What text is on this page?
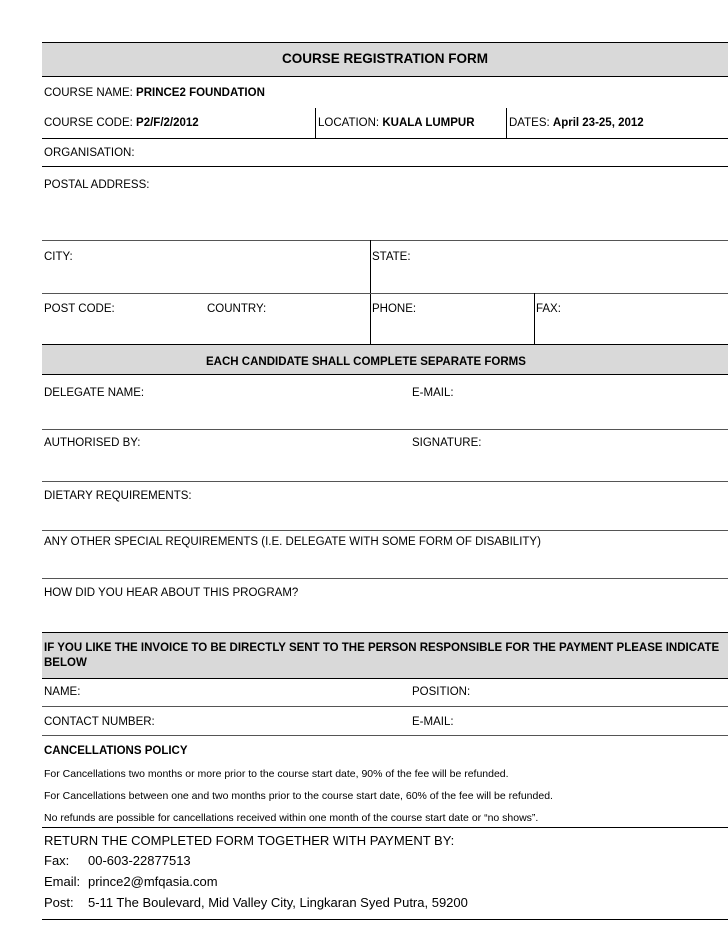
COURSE REGISTRATION FORM
COURSE NAME: PRINCE2 FOUNDATION
COURSE CODE: P2/F/2/2012	LOCATION: KUALA LUMPUR	DATES: April 23-25, 2012
ORGANISATION:
POSTAL ADDRESS:
CITY:	STATE:
POST CODE:	COUNTRY:	PHONE:	FAX:
EACH CANDIDATE SHALL COMPLETE SEPARATE FORMS
DELEGATE NAME:	E-MAIL:
AUTHORISED BY:	SIGNATURE:
DIETARY REQUIREMENTS:
ANY OTHER SPECIAL REQUIREMENTS (I.E. DELEGATE WITH SOME FORM OF DISABILITY)
HOW DID YOU HEAR ABOUT THIS PROGRAM?
IF YOU LIKE THE INVOICE TO BE DIRECTLY SENT TO THE PERSON RESPONSIBLE FOR THE PAYMENT PLEASE INDICATE
BELOW
NAME:	POSITION:
CONTACT NUMBER:	E-MAIL:
CANCELLATIONS POLICY
For Cancellations two months or more prior to the course start date, 90% of the fee will be refunded.
For Cancellations between one and two months prior to the course start date, 60% of the fee will be refunded.
No refunds are possible for cancellations received within one month of the course start date or “no shows”.
RETURN THE COMPLETED FORM TOGETHER WITH PAYMENT BY:
Fax: 00-603-22877513
Email: prince2@mfqasia.com
Post: 5-11 The Boulevard, Mid Valley City, Lingkaran Syed Putra, 59200
